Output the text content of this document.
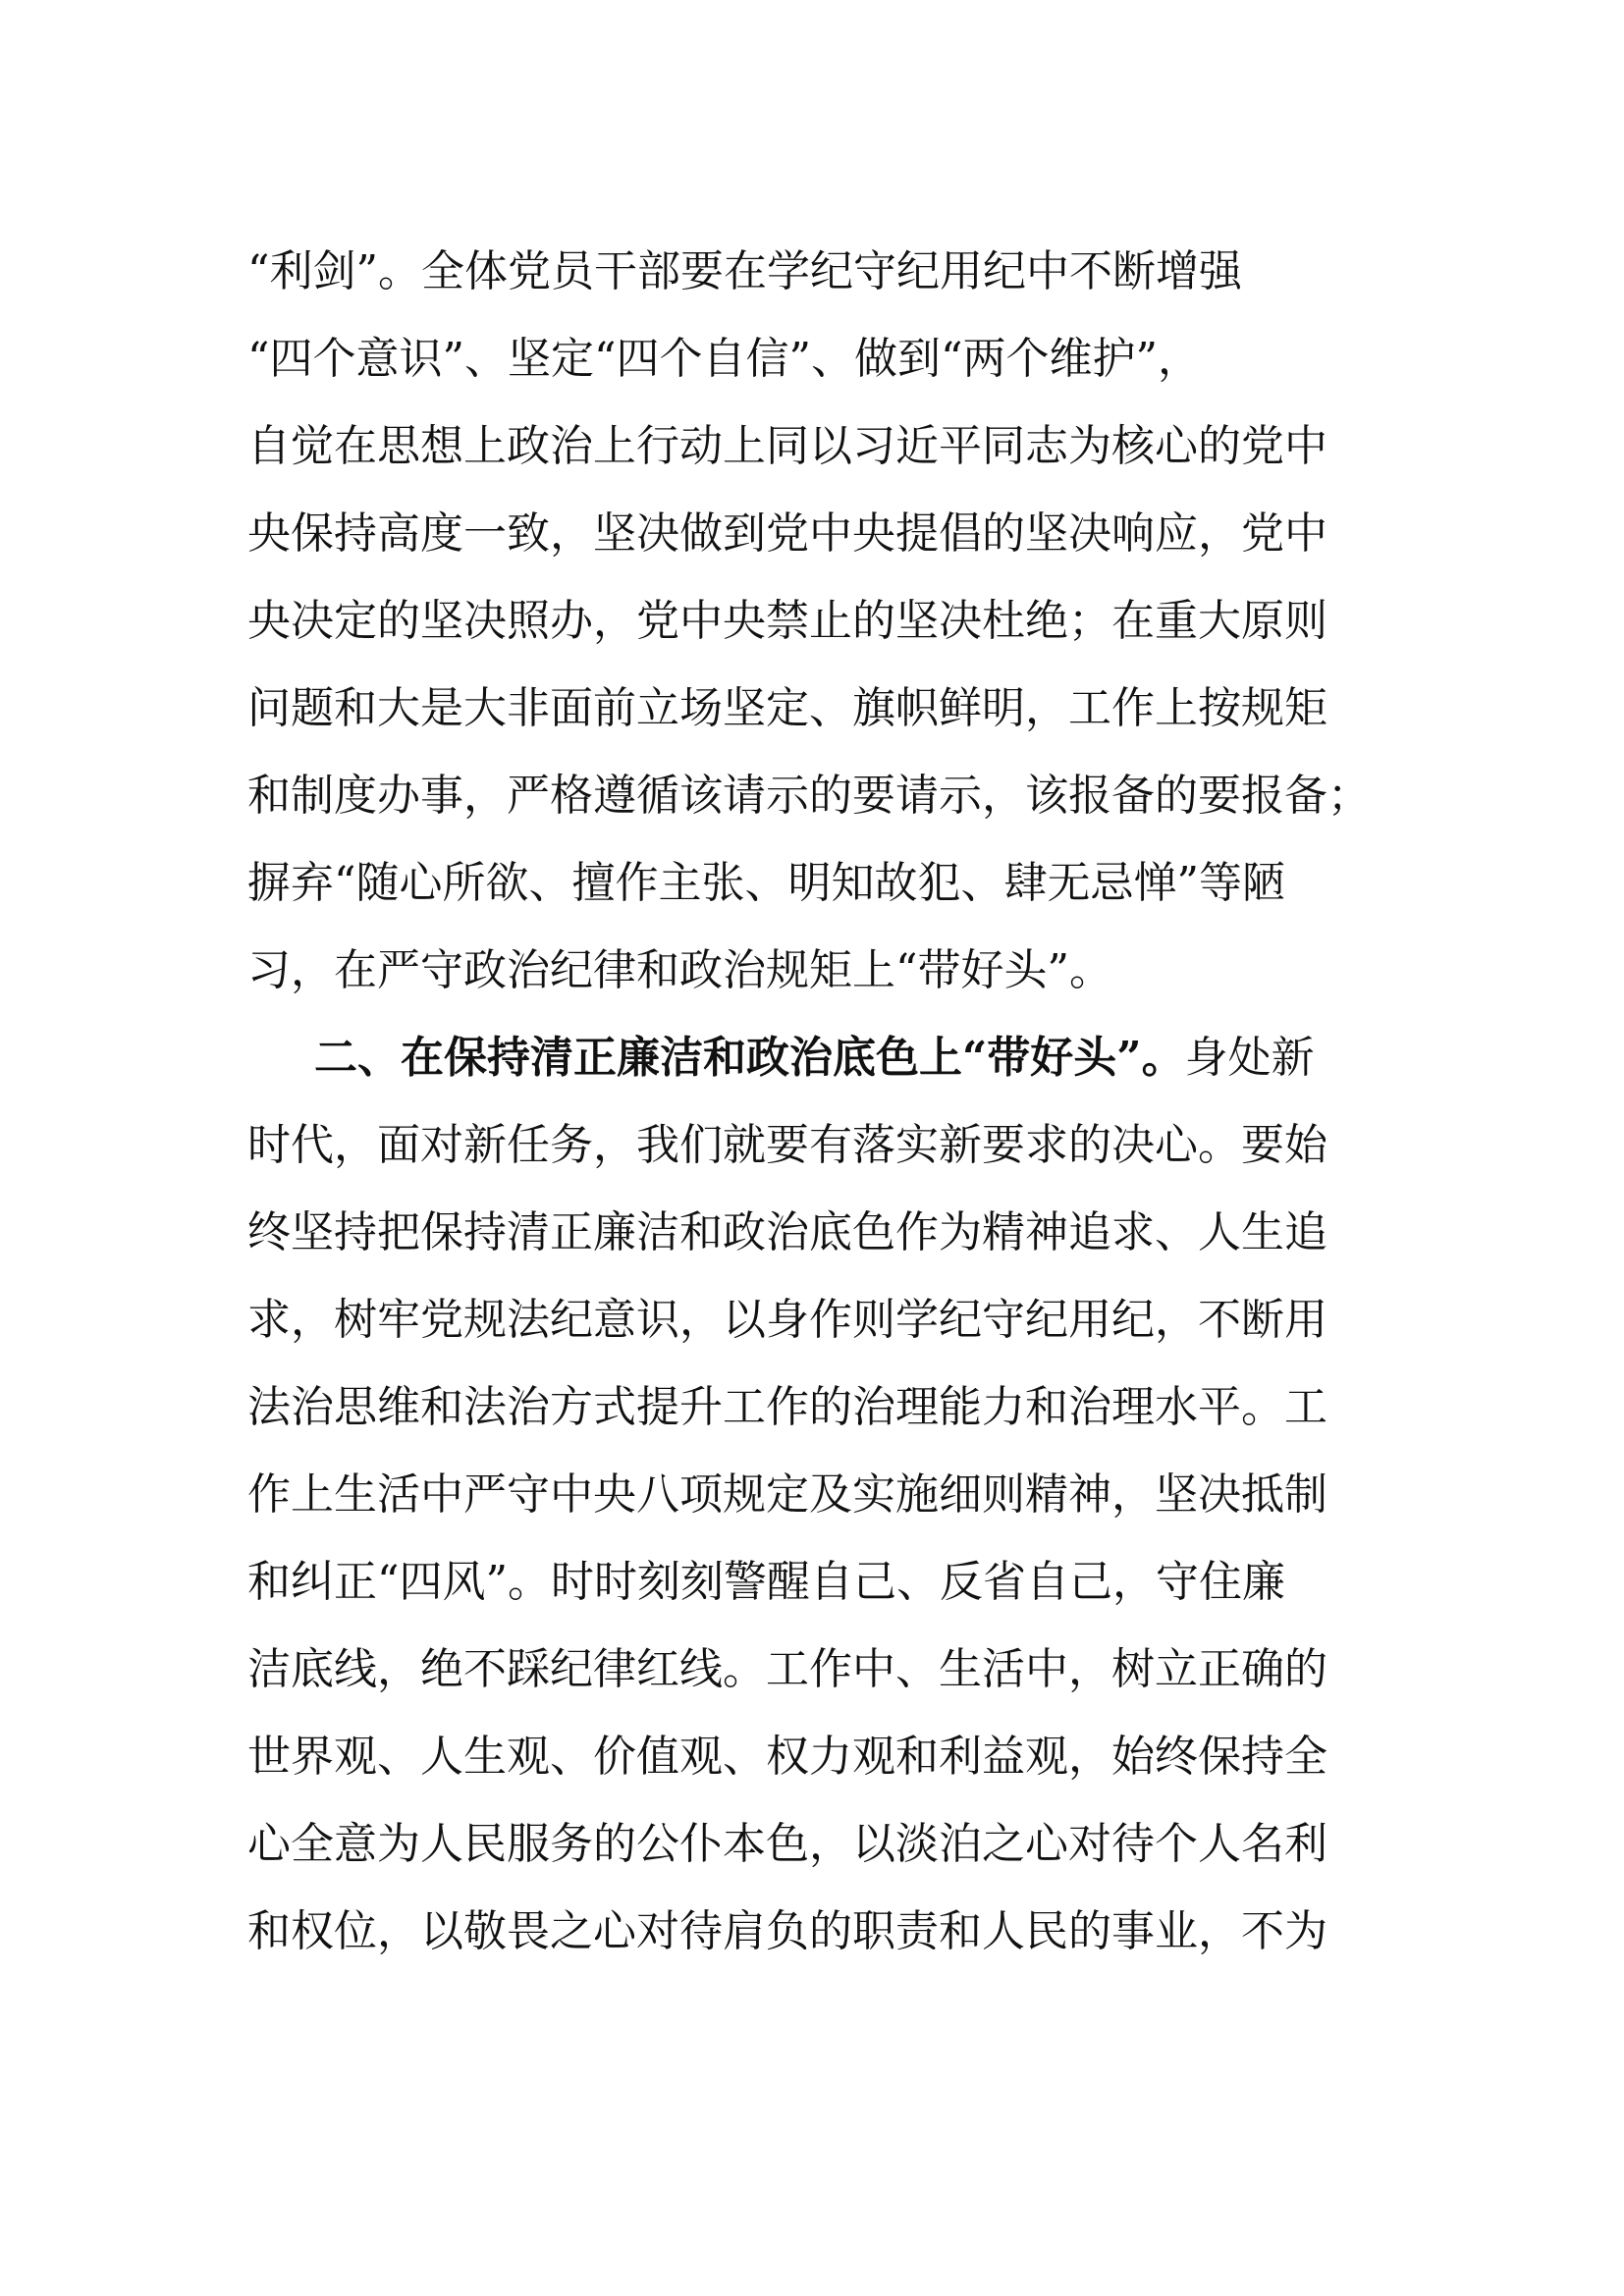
“利剑”。全体党员干部要在学纪守纪用纪中不断增强
“四个意识”、坚定“四个自信”、做到“两个维护”，
自觉在思想上政治上行动上同以习近平同志为核心的党中
央保持高度一致，坚决做到党中央提倡的坚决响应，党中
央决定的坚决照办，党中央禁止的坚决杜绝；在重大原则
问题和大是大非面前立场坚定、旗帜鲜明，工作上按规矩
和制度办事，严格遵循该请示的要请示，该报备的要报备；
摒弃“随心所欲、擅作主张、明知故犯、肆无忌惮”等陋
习，在严守政治纪律和政治规矩上“带好头”。
二、在保持清正廉洁和政治底色上“带好头”。身处新
时代，面对新任务，我们就要有落实新要求的决心。要始
终坚持把保持清正廉洁和政治底色作为精神追求、人生追
求，树牢党规法纪意识，以身作则学纪守纪用纪，不断用
法治思维和法治方式提升工作的治理能力和治理水平。工
作上生活中严守中央八项规定及实施细则精神，坚决抵制
和纠正“四风”。时时刻刻警醒自己、反省自己，守住廉
洁底线，绝不踩纪律红线。工作中、生活中，树立正确的
世界观、人生观、价值观、权力观和利益观，始终保持全
心全意为人民服务的公仆本色，以淡泊之心对待个人名利
和权位，以敬畏之心对待肩负的职责和人民的事业，不为
